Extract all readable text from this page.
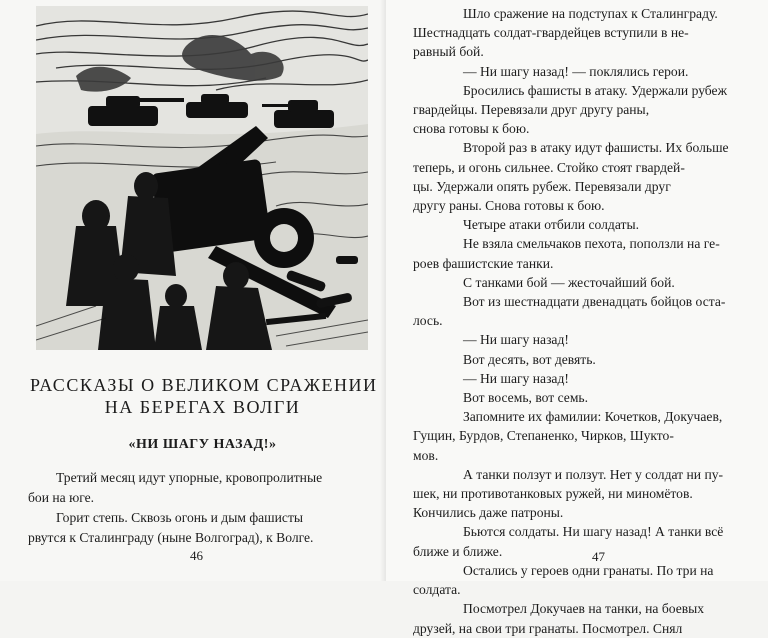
РАССКАЗЫ О ВЕЛИКОМ СРАЖЕНИИ
НА БЕРЕГАХ ВОЛГИ
«НИ ШАГУ НАЗАД!»

Третий месяц идут упорные, кровопролитные

бои на юге.

Горит степь. Сквозь огонь и дым фашисты

рвутся к Сталинграду (ныне Волгоград), к Волге.

46
Шло сражение на подступах к Сталинграду.
Шестнадцать солдат-гвардейцев вступили в не-
равный бой.
— Ни шагу назад! — поклялись герои.
Бросились фашисты в атаку. Удержали рубеж
гвардейцы. Перевязали друг другу раны,
снова готовы к бою.
Второй раз в атаку идут фашисты. Их больше
теперь, и огонь сильнее. Стойко стоят гвардей-
цы. Удержали опять рубеж. Перевязали друг
другу раны. Снова готовы к бою.
Четыре атаки отбили солдаты.
Не взяла смельчаков пехота, поползли на ге-
роев фашистские танки.
С танками бой — жесточайший бой.
Вот из шестнадцати двенадцать бойцов оста-
лось.
— Ни шагу назад!
Вот десять, вот девять.
— Ни шагу назад!
Вот восемь, вот семь.
Запомните их фамилии: Кочетков, Докучаев,
Гущин, Бурдов, Степаненко, Чирков, Шукто-
мов.
А танки ползут и ползут. Нет у солдат ни пу-
шек, ни противотанковых ружей, ни миномётов.
Кончились даже патроны.
Бьются солдаты. Ни шагу назад! А танки всё
ближе и ближе.
Остались у героев одни гранаты. По три на
солдата.
Посмотрел Докучаев на танки, на боевых
друзей, на свои три гранаты. Посмотрел. Снял
47
